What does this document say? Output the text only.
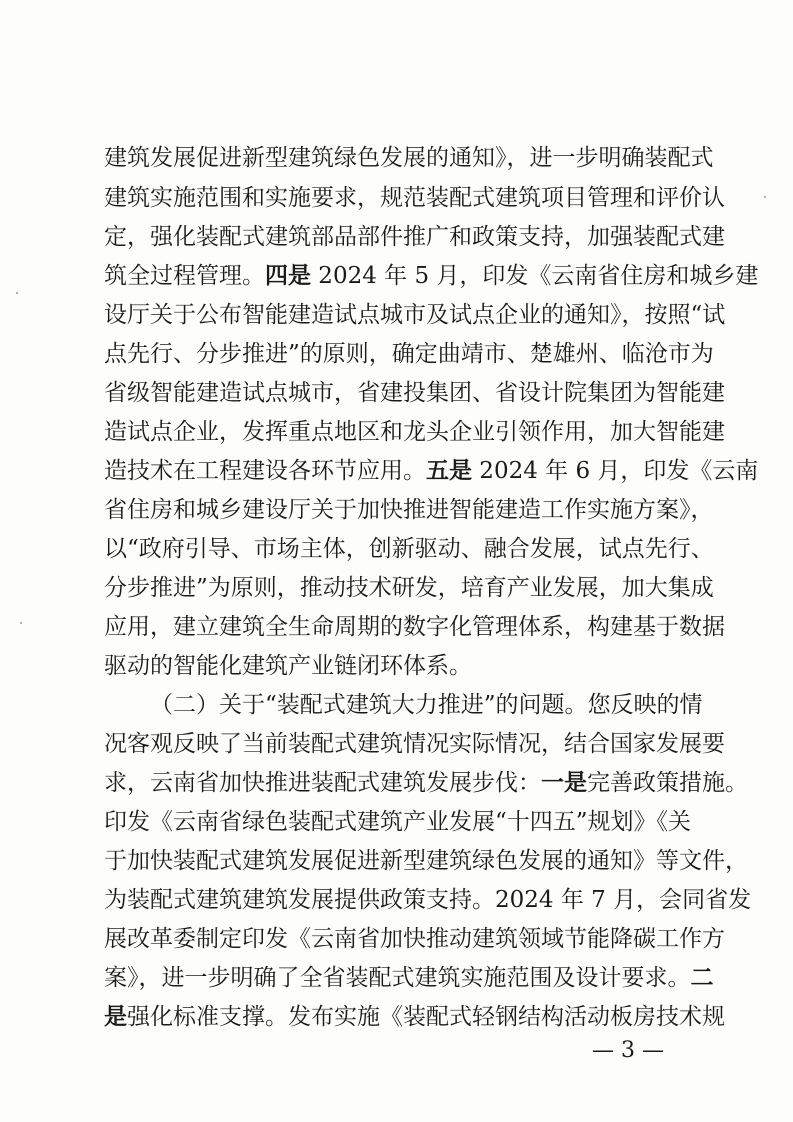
建筑发展促进新型建筑绿色发展的通知》，进一步明确装配式
建筑实施范围和实施要求，规范装配式建筑项目管理和评价认
定，强化装配式建筑部品部件推广和政策支持，加强装配式建
筑全过程管理。四是 2024 年 5 月，印发《云南省住房和城乡建
设厅关于公布智能建造试点城市及试点企业的通知》，按照“试
点先行、分步推进”的原则，确定曲靖市、楚雄州、临沧市为
省级智能建造试点城市，省建投集团、省设计院集团为智能建
造试点企业，发挥重点地区和龙头企业引领作用，加大智能建
造技术在工程建设各环节应用。五是 2024 年 6 月，印发《云南
省住房和城乡建设厅关于加快推进智能建造工作实施方案》，
以“政府引导、市场主体，创新驱动、融合发展，试点先行、
分步推进”为原则，推动技术研发，培育产业发展，加大集成
应用，建立建筑全生命周期的数字化管理体系，构建基于数据
驱动的智能化建筑产业链闭环体系。
（二）关于“装配式建筑大力推进”的问题。您反映的情
况客观反映了当前装配式建筑情况实际情况，结合国家发展要
求，云南省加快推进装配式建筑发展步伐：一是完善政策措施。
印发《云南省绿色装配式建筑产业发展“十四五”规划》《关
于加快装配式建筑发展促进新型建筑绿色发展的通知》等文件，
为装配式建筑建筑发展提供政策支持。2024 年 7 月，会同省发
展改革委制定印发《云南省加快推动建筑领域节能降碳工作方
案》，进一步明确了全省装配式建筑实施范围及设计要求。二
是强化标准支撑。发布实施《装配式轻钢结构活动板房技术规
— 3 —
